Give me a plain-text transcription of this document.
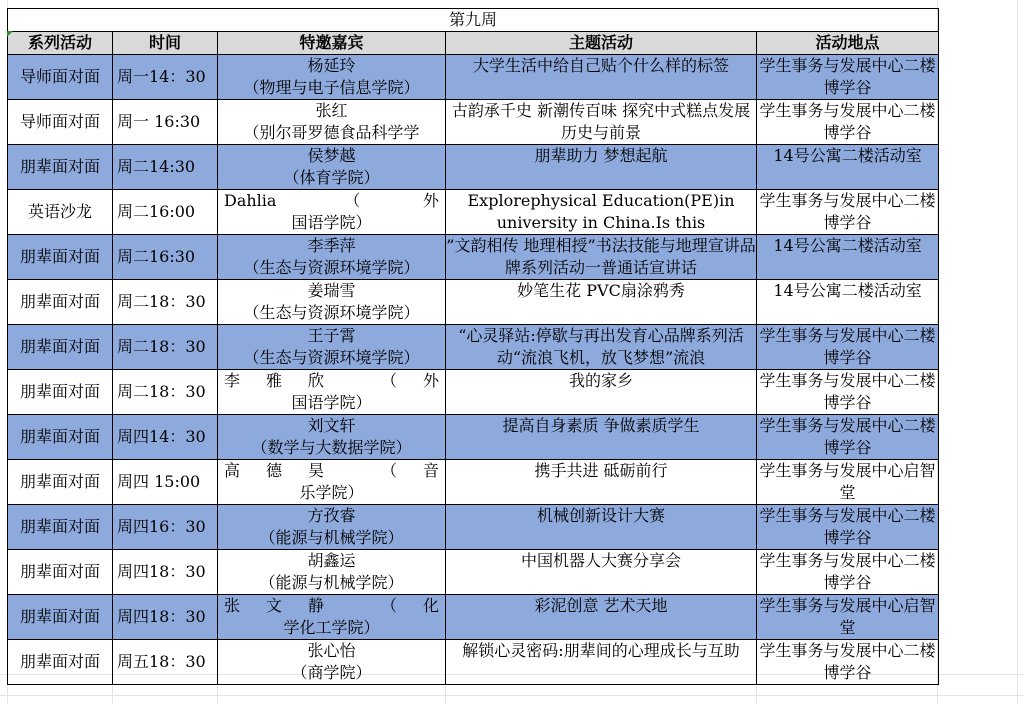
第九周				
系列活动	时间	特邀嘉宾	主题活动	活动地点
导师面对面	周一14：30	杨延玲
（物理与电子信息学院）	大学生活中给自己贴个什么样的标签	学生事务与发展中心二楼博学谷

导师面对面	周一 16:30	张红
（别尔哥罗德食品科学学	古韵承千史 新潮传百味 探究中式糕点发展历史与前景	学生事务与发展中心二楼博学谷

朋辈面对面	周二14:30	侯梦越
（体育学院）	朋辈助力 梦想起航	14号公寓二楼活动室

英语沙龙	周二16:00	Dahlia （外
国语学院）	Explorephysical Education(PE)in university in China.Is this	学生事务与发展中心二楼博学谷

朋辈面对面	周二16:30	李季萍
（生态与资源环境学院）	”文韵相传 地理相授”书法技能与地理宣讲品牌系列活动一普通话宣讲话	14号公寓二楼活动室

朋辈面对面	周二18：30	姜瑞雪
（生态与资源环境学院）	妙笔生花 PVC扇涂鸦秀	14号公寓二楼活动室

朋辈面对面	周二18：30	王子霄
（生态与资源环境学院）	“心灵驿站:停歇与再出发育心品牌系列活动“流浪飞机，放飞梦想”流浪	学生事务与发展中心二楼博学谷

朋辈面对面	周二18：30	李雅欣 （外
国语学院）	我的家乡	学生事务与发展中心二楼博学谷

朋辈面对面	周四14：30	刘文轩
（数学与大数据学院）	提高自身素质 争做素质学生	学生事务与发展中心二楼博学谷

朋辈面对面	周四 15:00	高德昊 （音
乐学院）	携手共进 砥砺前行	学生事务与发展中心启智堂

朋辈面对面	周四16：30	方孜睿
（能源与机械学院）	机械创新设计大赛	学生事务与发展中心二楼博学谷

朋辈面对面	周四18：30	胡鑫运
（能源与机械学院）	中国机器人大赛分享会	学生事务与发展中心二楼博学谷

朋辈面对面	周四18：30	张文静 （化
学化工学院）	彩泥创意 艺术天地	学生事务与发展中心启智堂

朋辈面对面	周五18：30	张心怡
（商学院）	解锁心灵密码:朋辈间的心理成长与互助	学生事务与发展中心二楼博学谷
